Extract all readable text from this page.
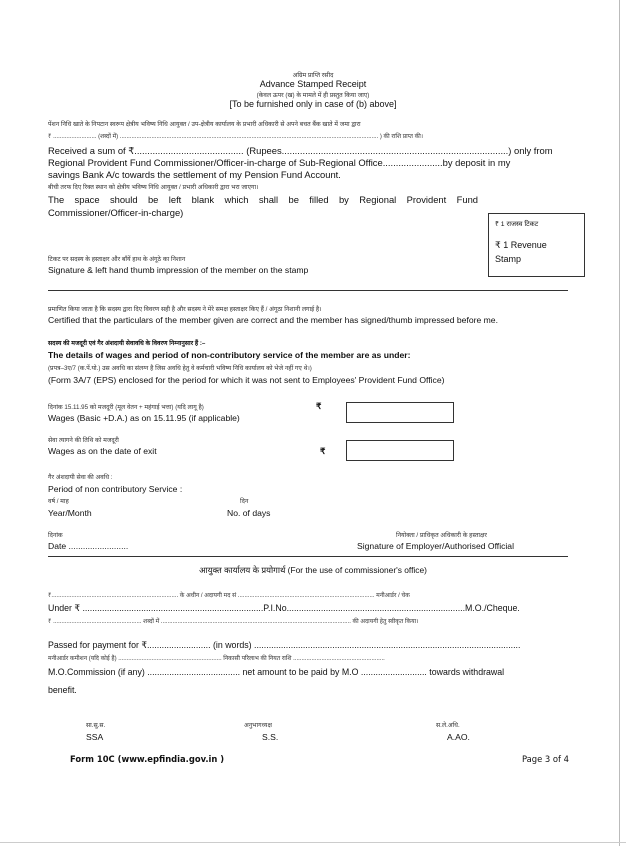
अग्रिम प्राप्ति रसीद
Advance Stamped Receipt
(केवल ऊपर (ख) के मामले में ही प्रस्तुत किया जाए)
[To be furnished only in case of (b) above]
पेंशन निधि खाते के निपटान स्वरूप क्षेत्रीय भविष्य निधि आयुक्त / उप-क्षेत्रीय कार्यालय के प्रभारी अधिकारी से अपने बचत बैंक खाते में जमा द्वारा
₹ .......................... (शब्दों में) ........................................................................................................................................................... ) की राशि प्राप्त की।
Received a sum of ₹.......................................... (Rupees.......................................................................................) only from
Regional Provident Fund Commissioner/Officer-in-charge of Sub-Regional Office.......................by deposit in my
savings Bank A/c towards the settlement of my Pension Fund Account.
बीची तरफ दिए रिक्त स्थान को क्षेत्रीय भविष्य निधि आयुक्त / प्रभारी अधिकारी द्वारा भरा जाएगा।
The space should be left blank which shall be filled by Regional Provident Fund
Commissioner/Officer-in-charge)
₹ 1 राजस्व टिकट
₹ 1 Revenue
Stamp
टिकट पर सदस्य के हस्ताक्षर और बाँयें हाथ के अंगूठे का निशान
Signature & left hand thumb impression of the member on the stamp
प्रमाणित किया जाता है कि सदस्य द्वारा दिए विवरण सही है और सदस्य ने मेरे समक्ष हस्ताक्षर किए हैं / अंगूठा निशानी लगाई है।
Certified that the particulars of the member given are correct and the member has signed/thumb impressed before me.
सदस्य की मजदूरी एवं गैर अंशदायी सेवावधि के विवरण निम्नानुसार हैं :–
The details of wages and period of non-contributory service of the member are as under:
(प्रपत्र–3ए/7 (क.पें.यो.) उस अवधि का संलग्न है जिस अवधि हेतु वे कर्मचारी भविष्य निधि कार्यालय को भेजे नहीं गए थे।)
(Form 3A/7 (EPS) enclosed for the period for which it was not sent to Employees' Provident Fund Office)
दिनांक 15.11.95 को मजदूरी (मूल वेतन + महंगाई भत्ता) (यदि लागू है)
Wages (Basic +D.A.) as on 15.11.95 (if applicable)
₹
सेवा त्यागने की तिथि को मजदूरी
Wages as on the date of exit	₹
गैर अंशदायी सेवा की अवधि :
Period of non contributory Service :
वर्ष / माह
Year/Month
दिन
No. of days
दिनांक
Date .........................
नियोक्ता / प्राधिकृत अधिकारी के हस्ताक्षर
Signature of Employer/Authorised Official
आयुक्त कार्यालय के प्रयोगार्थ (For the use of commissioner's office)
₹............................................................................ के अधीन / अदायगी मद सं .................................................................................. मनीआर्डर / चेक
Under ₹ ..........................................................................P.I.No.........................................................................M.O./Cheque.
₹ ..................................................... शब्दों में .................................................................................................................. की अदायगी हेतु स्वीकृत किया।
Passed for payment for ₹.......................... (in words) .............................................................................................................
मनीआर्डर कमीशन (यदि कोई है) .............................................................. निकासी परिलाभ की नियत राशि .......................................................
M.O.Commission (if any) ...................................... net amount to be paid by M.O ........................... towards withdrawal
benefit.
सा.सु.स.
SSA
अनुभागध्यक्ष
S.S.
स.ले.अधि.
A.AO.
Form 10C (www.epfindia.gov.in )	Page 3 of 4
